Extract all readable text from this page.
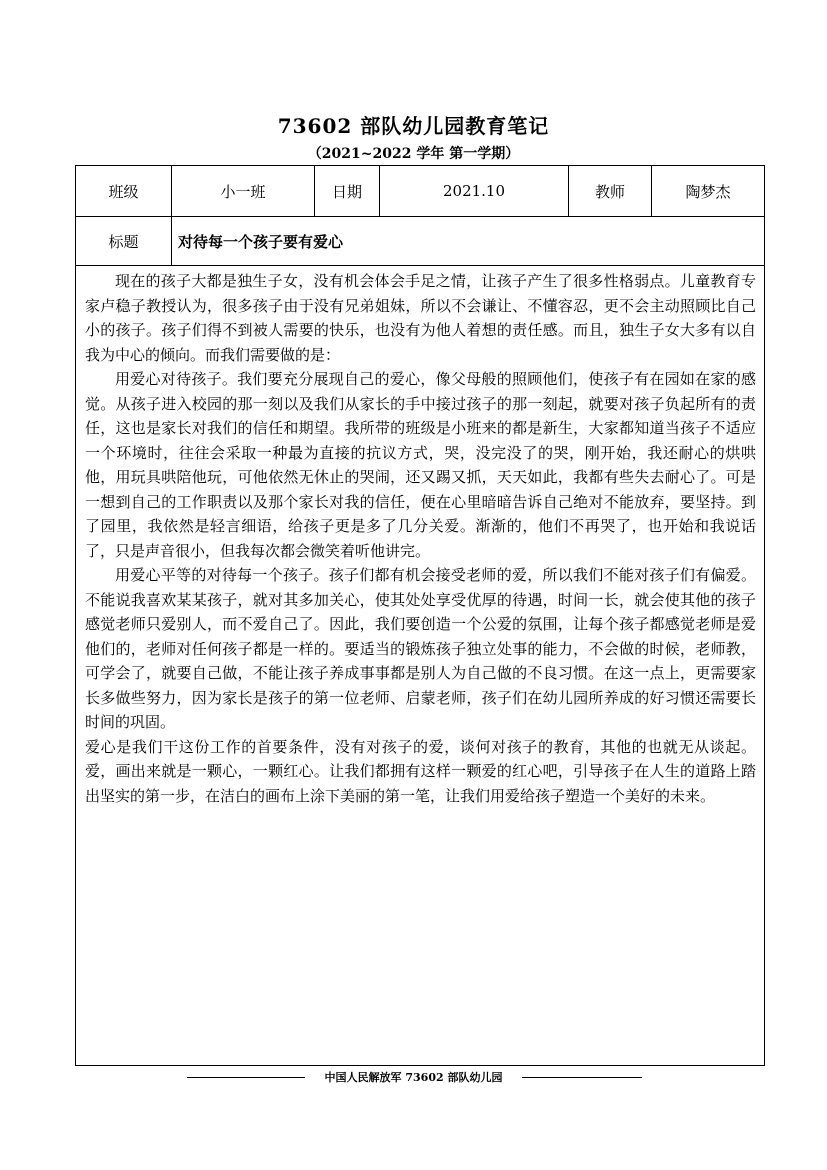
73602 部队幼儿园教育笔记
（2021~2022 学年 第一学期）
班级	小一班	日期	2021.10	教师	陶梦杰
标题	对待每一个孩子要有爱心				

现在的孩子大都是独生子女，没有机会体会手足之情，让孩子产生了很多性格弱点。儿童教育专家卢稳子教授认为，很多孩子由于没有兄弟姐妹，所以不会谦让、不懂容忍，更不会主动照顾比自己小的孩子。孩子们得不到被人需要的快乐，也没有为他人着想的责任感。而且，独生子女大多有以自我为中心的倾向。而我们需要做的是：

用爱心对待孩子。我们要充分展现自己的爱心，像父母般的照顾他们，使孩子有在园如在家的感觉。从孩子进入校园的那一刻以及我们从家长的手中接过孩子的那一刻起，就要对孩子负起所有的责任，这也是家长对我们的信任和期望。我所带的班级是小班来的都是新生，大家都知道当孩子不适应一个环境时，往往会采取一种最为直接的抗议方式，哭，没完没了的哭，刚开始，我还耐心的烘哄他，用玩具哄陪他玩，可他依然无休止的哭闹，还又踢又抓，天天如此，我都有些失去耐心了。可是一想到自己的工作职责以及那个家长对我的信任，便在心里暗暗告诉自己绝对不能放弃，要坚持。到了园里，我依然是轻言细语，给孩子更是多了几分关爱。渐渐的，他们不再哭了，也开始和我说话了，只是声音很小，但我每次都会微笑着听他讲完。

用爱心平等的对待每一个孩子。孩子们都有机会接受老师的爱，所以我们不能对孩子们有偏爱。不能说我喜欢某某孩子，就对其多加关心，使其处处享受优厚的待遇，时间一长，就会使其他的孩子感觉老师只爱别人，而不爱自己了。因此，我们要创造一个公爱的氛围，让每个孩子都感觉老师是爱他们的，老师对任何孩子都是一样的。要适当的锻炼孩子独立处事的能力，不会做的时候，老师教，可学会了，就要自己做，不能让孩子养成事事都是别人为自己做的不良习惯。在这一点上，更需要家长多做些努力，因为家长是孩子的第一位老师、启蒙老师，孩子们在幼儿园所养成的好习惯还需要长时间的巩固。

爱心是我们干这份工作的首要条件，没有对孩子的爱，谈何对孩子的教育，其他的也就无从谈起。爱，画出来就是一颗心，一颗红心。让我们都拥有这样一颗爱的红心吧，引导孩子在人生的道路上踏出坚实的第一步，在洁白的画布上涂下美丽的第一笔，让我们用爱给孩子塑造一个美好的未来。					

中国人民解放军 73602 部队幼儿园
